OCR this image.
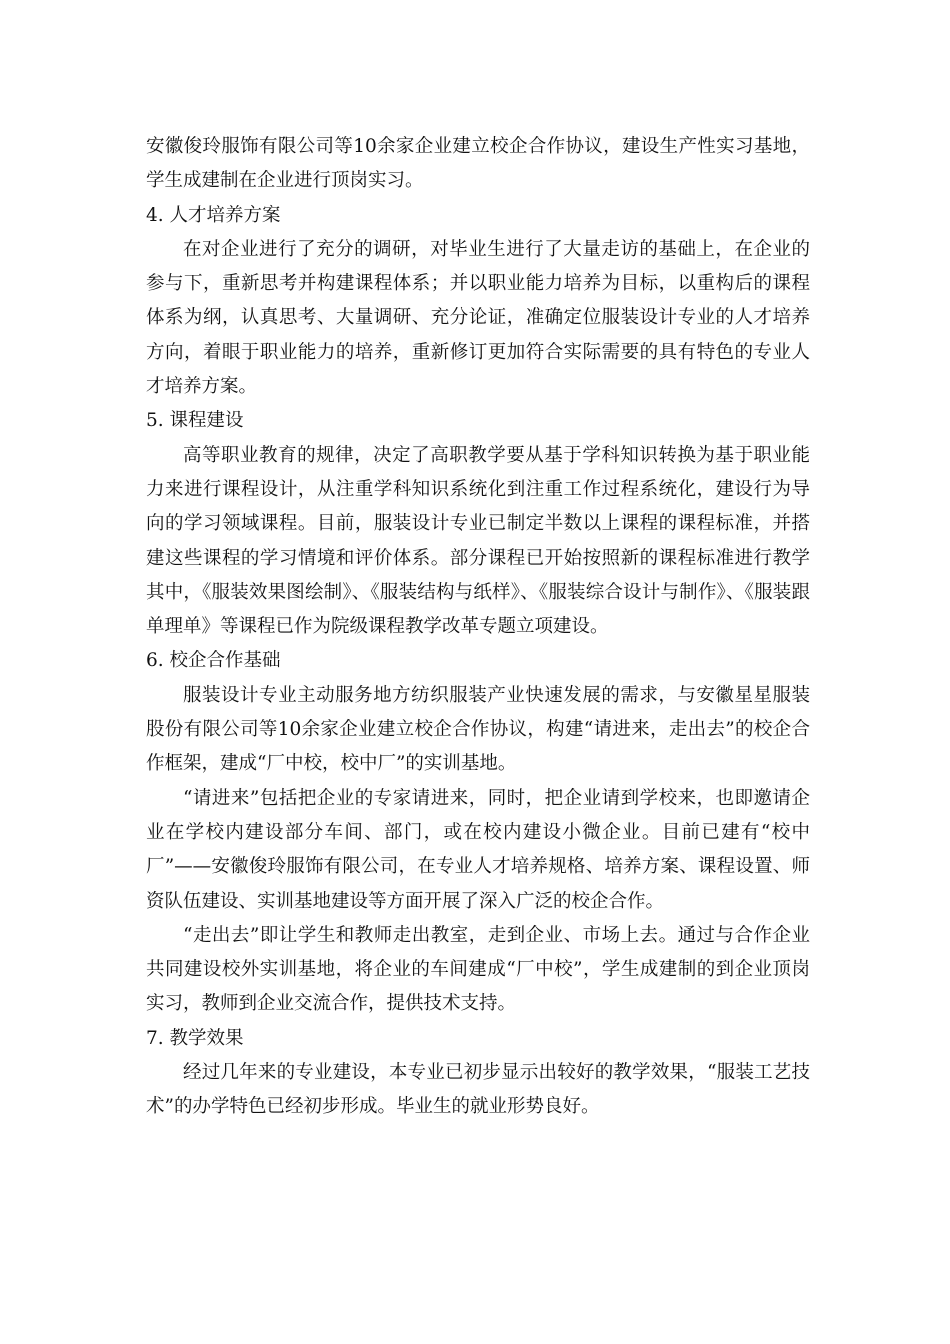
安徽俊玲服饰有限公司等10余家企业建立校企合作协议，建设生产性实习基地，学生成建制在企业进行顶岗实习。

4. 人才培养方案

在对企业进行了充分的调研，对毕业生进行了大量走访的基础上，在企业的参与下，重新思考并构建课程体系；并以职业能力培养为目标，以重构后的课程体系为纲，认真思考、大量调研、充分论证，准确定位服装设计专业的人才培养方向，着眼于职业能力的培养，重新修订更加符合实际需要的具有特色的专业人才培养方案。

5. 课程建设

高等职业教育的规律，决定了高职教学要从基于学科知识转换为基于职业能力来进行课程设计，从注重学科知识系统化到注重工作过程系统化，建设行为导向的学习领域课程。目前，服装设计专业已制定半数以上课程的课程标准，并搭建这些课程的学习情境和评价体系。部分课程已开始按照新的课程标准进行教学其中，《服装效果图绘制》、《服装结构与纸样》、《服装综合设计与制作》、《服装跟单理单》等课程已作为院级课程教学改革专题立项建设。

6. 校企合作基础

服装设计专业主动服务地方纺织服装产业快速发展的需求，与安徽星星服装股份有限公司等10余家企业建立校企合作协议，构建“请进来，走出去”的校企合作框架，建成“厂中校，校中厂”的实训基地。

“请进来”包括把企业的专家请进来，同时，把企业请到学校来，也即邀请企业在学校内建设部分车间、部门，或在校内建设小微企业。目前已建有“校中厂”——安徽俊玲服饰有限公司，在专业人才培养规格、培养方案、课程设置、师资队伍建设、实训基地建设等方面开展了深入广泛的校企合作。

“走出去”即让学生和教师走出教室，走到企业、市场上去。通过与合作企业共同建设校外实训基地，将企业的车间建成“厂中校”，学生成建制的到企业顶岗实习，教师到企业交流合作，提供技术支持。

7. 教学效果

经过几年来的专业建设，本专业已初步显示出较好的教学效果，“服装工艺技术”的办学特色已经初步形成。毕业生的就业形势良好。
